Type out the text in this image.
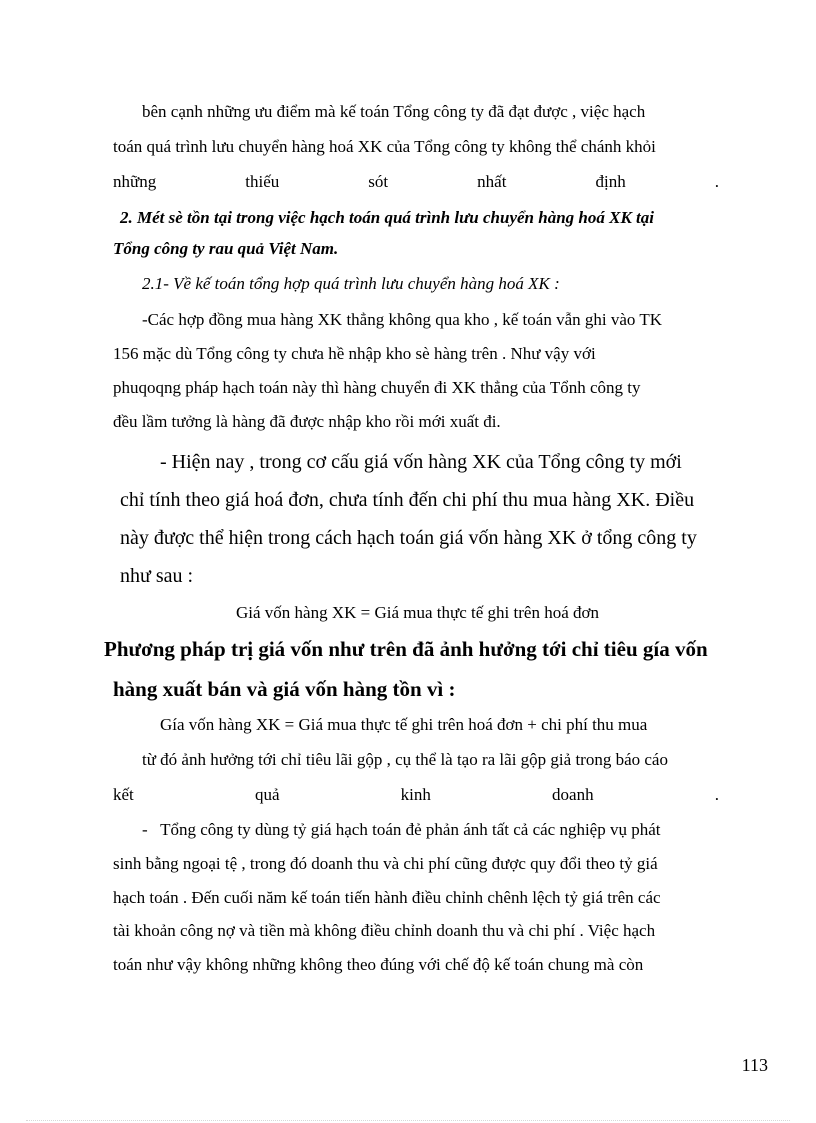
bên cạnh những ưu điểm mà kế toán Tổng công ty đã đạt được , việc hạch
toán quá trình lưu chuyển hàng hoá XK của Tổng công ty không thể chánh khỏi
những	thiếu	sót	nhất	định	.
2. Mét sè tồn tại trong việc hạch toán quá trình lưu chuyển hàng hoá XK tại
Tổng công ty rau quả Việt Nam.
2.1- Về kế toán tổng hợp quá trình lưu chuyển hàng hoá XK :
-Các hợp đồng mua hàng XK thẳng không qua kho , kế toán vẫn ghi vào TK
156 mặc dù Tổng công ty chưa hề nhập kho sè hàng trên . Như vậy với
phuqoqng pháp hạch toán này thì hàng chuyển đi XK thẳng của Tổnh công ty
đều lầm tưởng là hàng đã được nhập kho rồi mới xuất đi.
- Hiện nay , trong cơ cấu giá vốn hàng XK của Tổng công ty mới
chỉ tính theo giá hoá đơn, chưa tính đến chi phí thu mua hàng XK. Điều
này được thể hiện trong cách hạch toán giá vốn hàng XK ở tổng công ty
như sau :
Giá vốn hàng XK = Giá mua thực tế ghi trên hoá đơn
Phương pháp trị giá vốn như trên đã ảnh hưởng tới chỉ tiêu gía vốn
hàng xuất bán và giá vốn hàng tồn vì :
Gía vốn hàng XK = Giá mua thực tế ghi trên hoá đơn + chi phí thu mua
từ đó ảnh hưởng tới chỉ tiêu lãi gộp , cụ thể là tạo ra lãi gộp giả trong báo cáo
kết	quả	kinh	doanh	.
-   Tổng công ty dùng tỷ giá hạch toán đẻ phản ánh tất cả các nghiệp vụ phát
sinh bằng ngoại tệ , trong đó doanh thu và chi phí cũng được quy đổi theo tỷ giá
hạch toán . Đến cuối năm kế toán tiến hành điều chỉnh chênh lệch tỷ giá trên các
tài khoản công nợ và tiền mà không điều chỉnh doanh thu và chi phí . Việc hạch
toán như vậy không những không theo đúng với chế độ kế toán chung mà còn
113
